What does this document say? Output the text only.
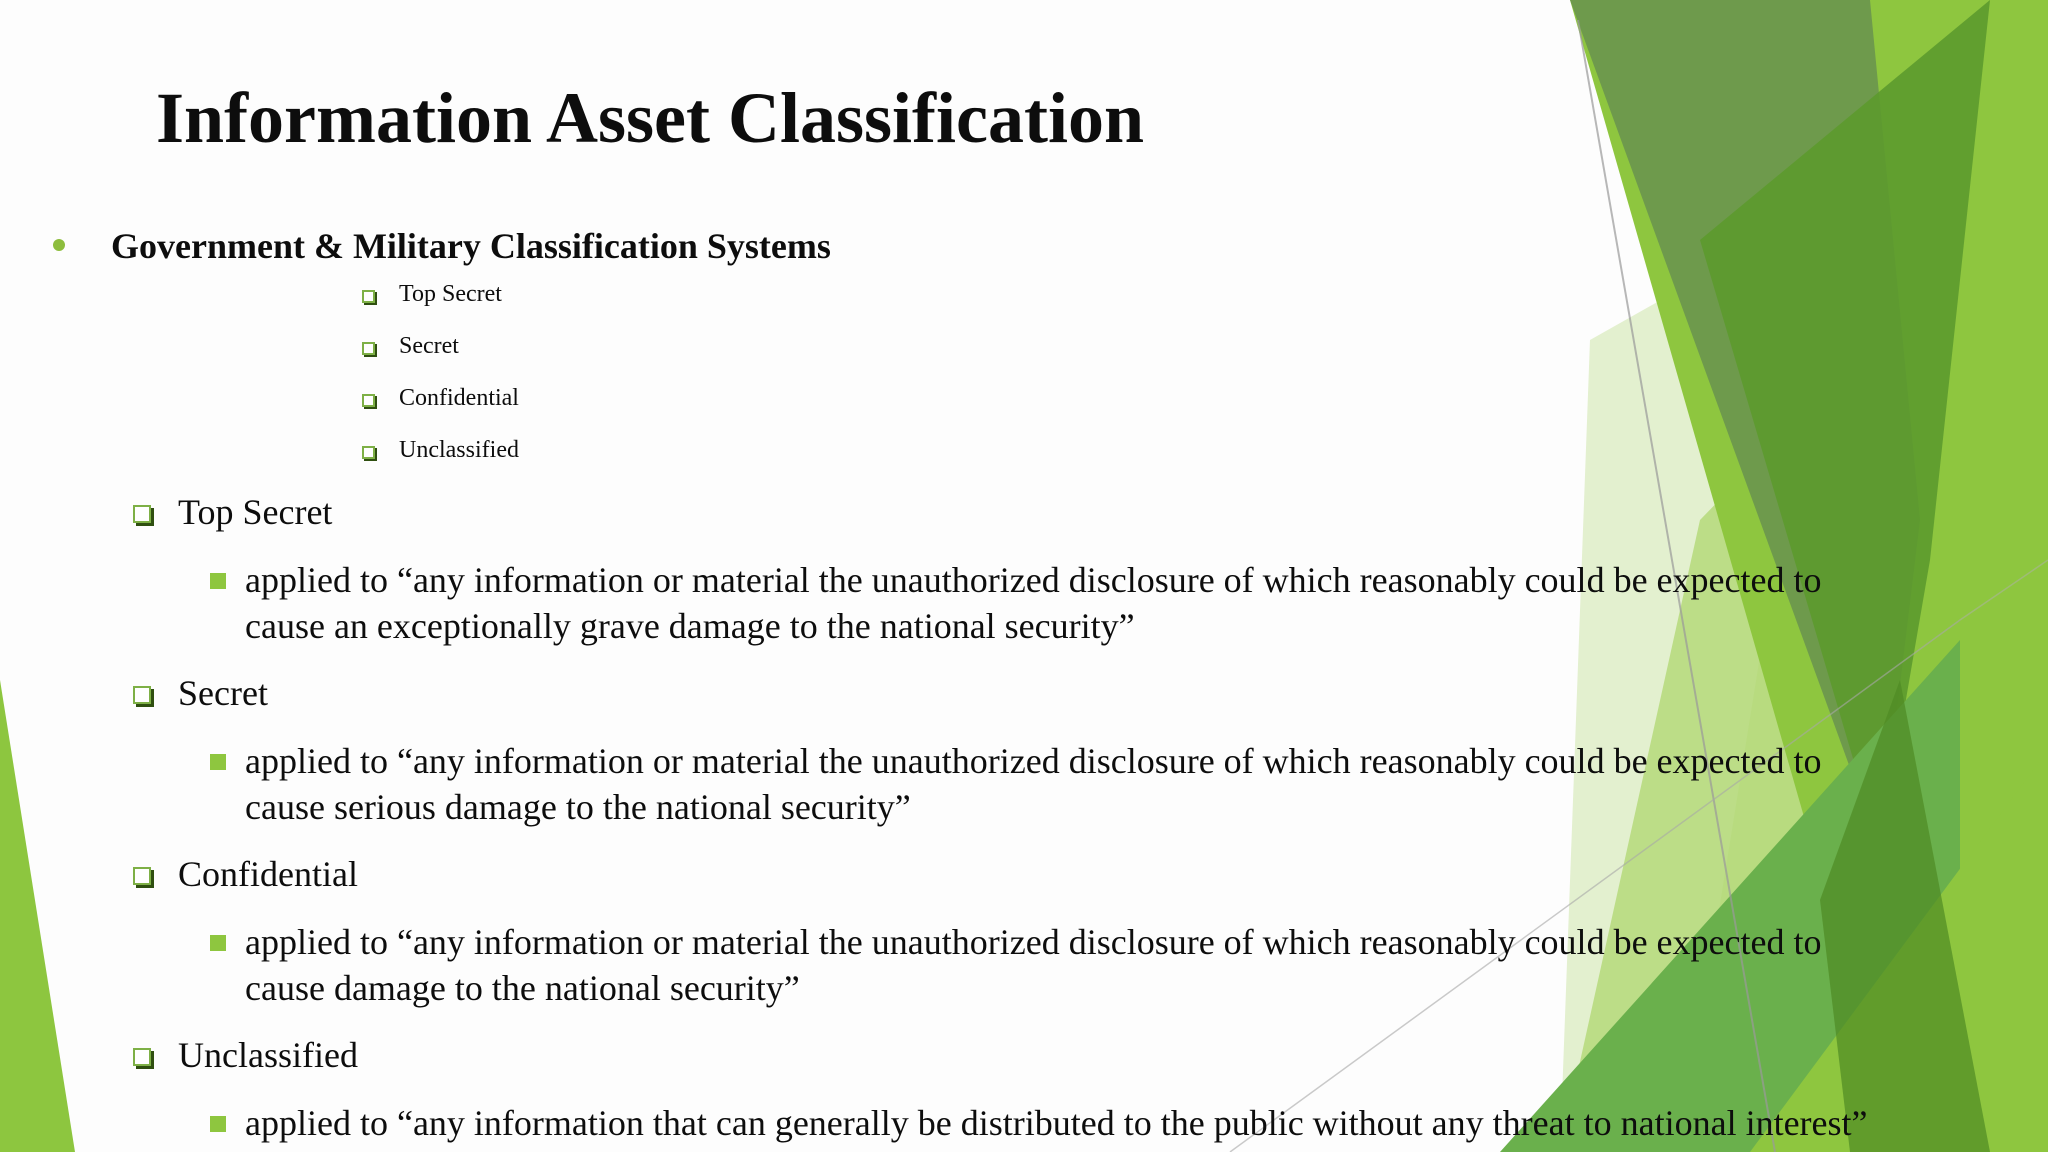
Information Asset Classification
Government & Military Classification Systems
Top Secret
Secret
Confidential
Unclassified
Top Secret
applied to “any information or material the unauthorized disclosure of which reasonably could be expected to
cause an exceptionally grave damage to the national security”
Secret
applied to “any information or material the unauthorized disclosure of which reasonably could be expected to
cause serious damage to the national security”
Confidential
applied to “any information or material the unauthorized disclosure of which reasonably could be expected to
cause damage to the national security”
Unclassified
applied to “any information that can generally be distributed to the public without any threat to national interest”
